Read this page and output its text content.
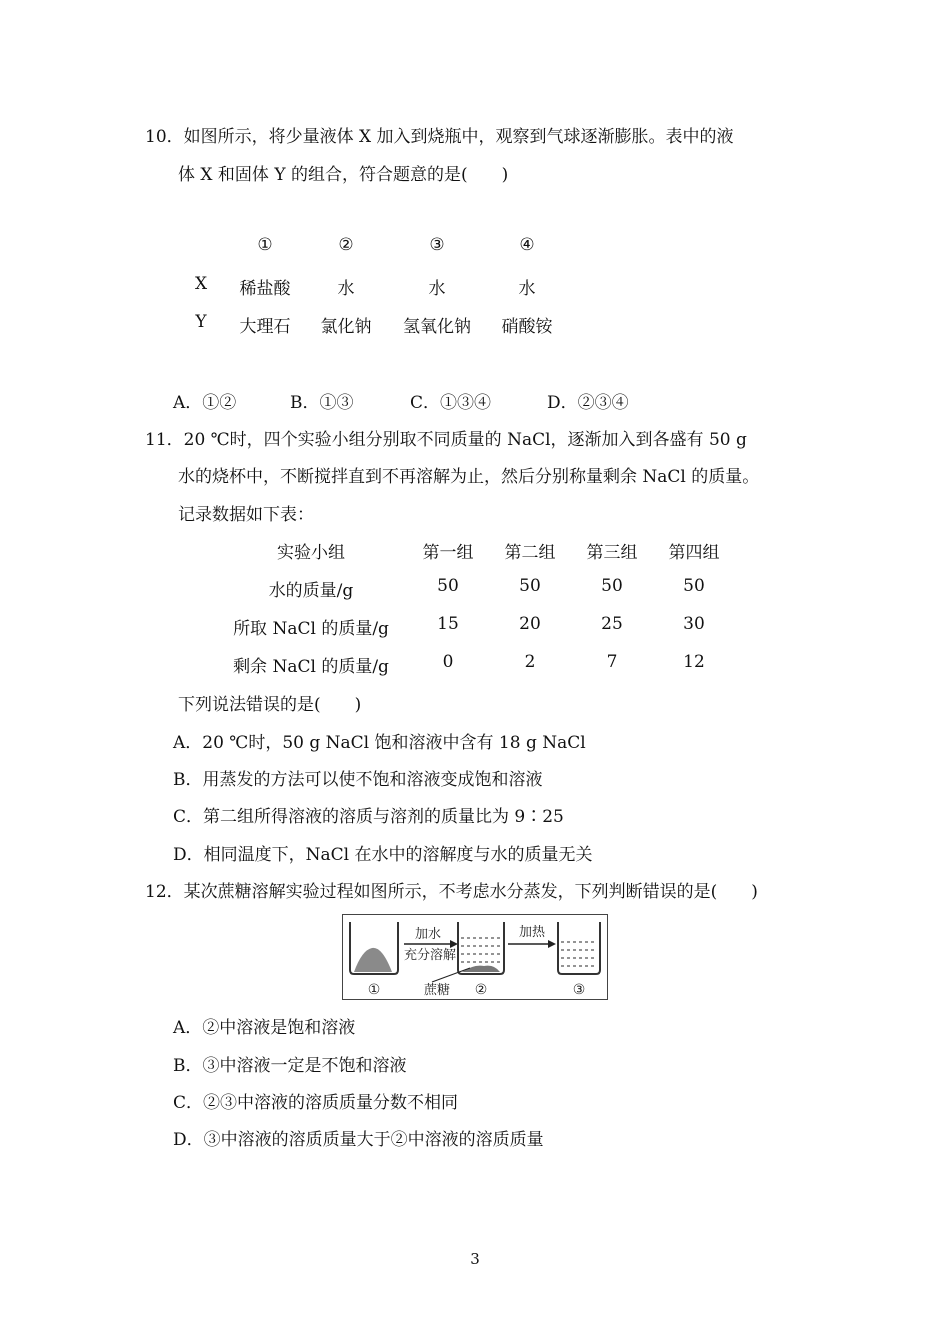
10．如图所示，将少量液体 X 加入到烧瓶中，观察到气球逐渐膨胀。表中的液
体 X 和固体 Y 的组合，符合题意的是(　　)
①	②	③	④
X 稀盐酸	水	水	水
Y 大理石 氯化钠 氢氧化钠 硝酸铵
A．①②	B．①③	C．①③④	D．②③④
11．20 ℃时，四个实验小组分别取不同质量的 NaCl，逐渐加入到各盛有 50 g
水的烧杯中，不断搅拌直到不再溶解为止，然后分别称量剩余 NaCl 的质量。
记录数据如下表：
实验小组	第一组 第二组 第三组 第四组
水的质量/g	50	50	50	50
所取 NaCl 的质量/g	15	20	25	30
剩余 NaCl 的质量/g	0	2	7	12
下列说法错误的是(　　)
A．20 ℃时，50 g NaCl 饱和溶液中含有 18 g NaCl
B．用蒸发的方法可以使不饱和溶液变成饱和溶液
C．第二组所得溶液的溶质与溶剂的质量比为 9∶25
D．相同温度下，NaCl 在水中的溶解度与水的质量无关
12．某次蔗糖溶解实验过程如图所示，不考虑水分蒸发，下列判断错误的是(　　)
加水
充分溶解
加热
蔗糖
①	②	③
A．②中溶液是饱和溶液
B．③中溶液一定是不饱和溶液
C．②③中溶液的溶质质量分数不相同
D．③中溶液的溶质质量大于②中溶液的溶质质量
3
